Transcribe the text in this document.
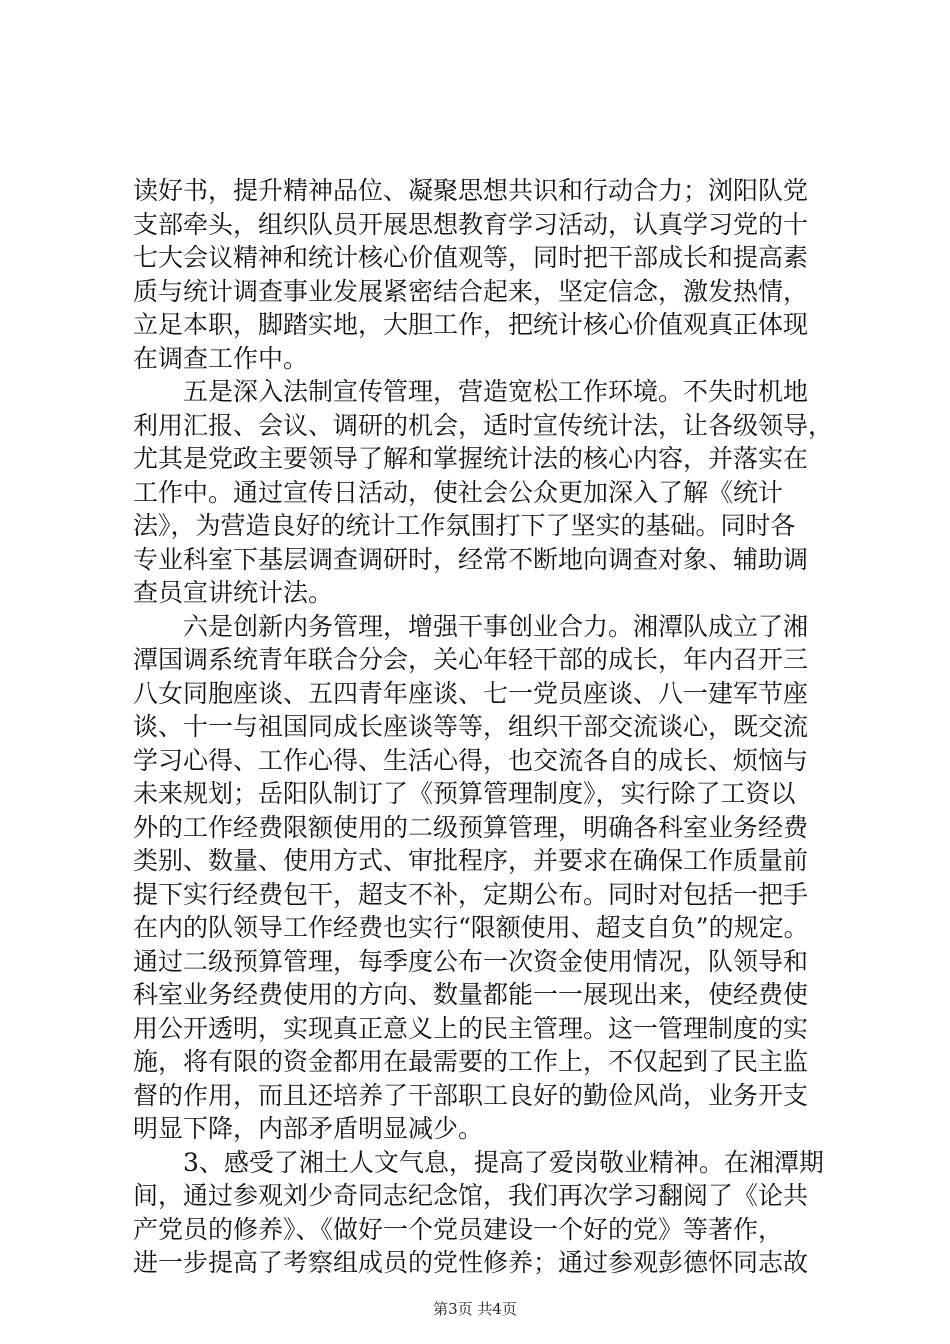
读好书，提升精神品位、凝聚思想共识和行动合力；浏阳队党
支部牵头，组织队员开展思想教育学习活动，认真学习党的十
七大会议精神和统计核心价值观等，同时把干部成长和提高素
质与统计调查事业发展紧密结合起来，坚定信念，激发热情，
立足本职，脚踏实地，大胆工作，把统计核心价值观真正体现
在调查工作中。
　　五是深入法制宣传管理，营造宽松工作环境。不失时机地
利用汇报、会议、调研的机会，适时宣传统计法，让各级领导，
尤其是党政主要领导了解和掌握统计法的核心内容，并落实在
工作中。通过宣传日活动，使社会公众更加深入了解《统计
法》，为营造良好的统计工作氛围打下了坚实的基础。同时各
专业科室下基层调查调研时，经常不断地向调查对象、辅助调
查员宣讲统计法。
　　六是创新内务管理，增强干事创业合力。湘潭队成立了湘
潭国调系统青年联合分会，关心年轻干部的成长，年内召开三
八女同胞座谈、五四青年座谈、七一党员座谈、八一建军节座
谈、十一与祖国同成长座谈等等，组织干部交流谈心，既交流
学习心得、工作心得、生活心得，也交流各自的成长、烦恼与
未来规划；岳阳队制订了《预算管理制度》，实行除了工资以
外的工作经费限额使用的二级预算管理，明确各科室业务经费
类别、数量、使用方式、审批程序，并要求在确保工作质量前
提下实行经费包干，超支不补，定期公布。同时对包括一把手
在内的队领导工作经费也实行“限额使用、超支自负”的规定。
通过二级预算管理，每季度公布一次资金使用情况，队领导和
科室业务经费使用的方向、数量都能一一展现出来，使经费使
用公开透明，实现真正意义上的民主管理。这一管理制度的实
施，将有限的资金都用在最需要的工作上，不仅起到了民主监
督的作用，而且还培养了干部职工良好的勤俭风尚，业务开支
明显下降，内部矛盾明显减少。
　　3、感受了湘土人文气息，提高了爱岗敬业精神。在湘潭期
间，通过参观刘少奇同志纪念馆，我们再次学习翻阅了《论共
产党员的修养》、《做好一个党员建设一个好的党》等著作，
进一步提高了考察组成员的党性修养；通过参观彭德怀同志故
第3页 共4页
